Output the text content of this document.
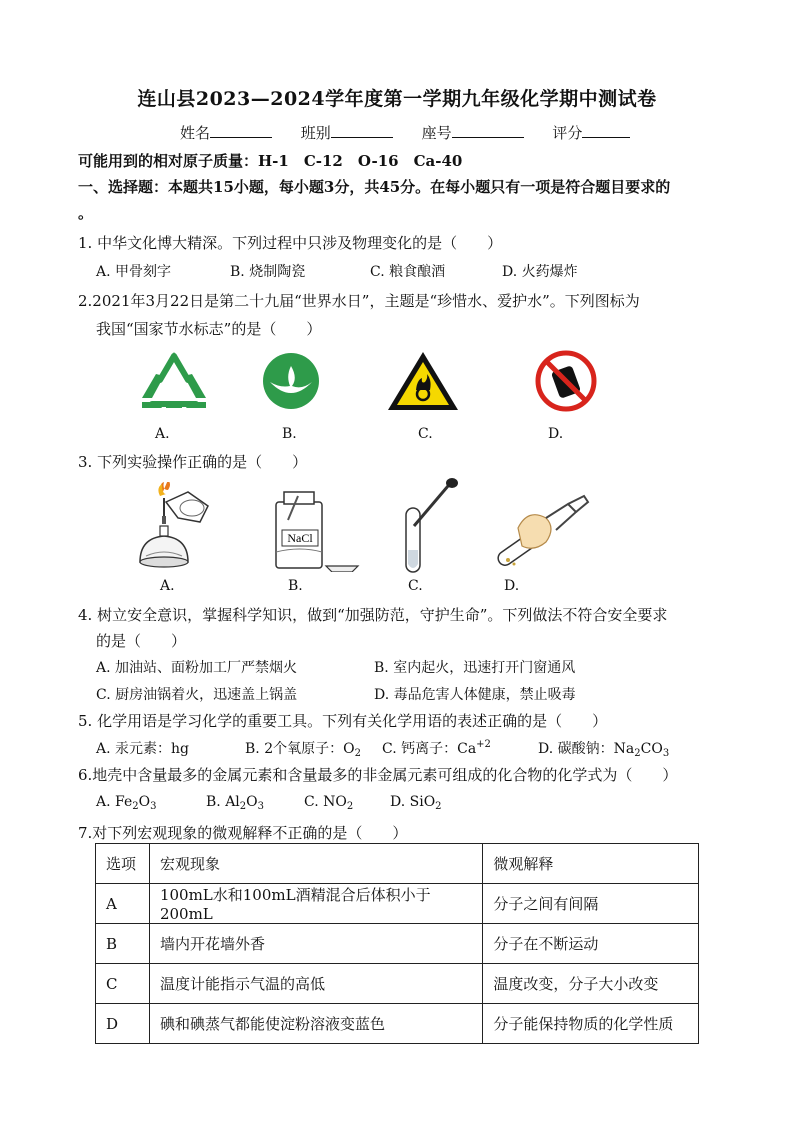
连山县2023—2024学年度第一学期九年级化学期中测试卷
姓名	班别	座号	评分
可能用到的相对原子质量：H-1　C-12　O-16　Ca-40
一、选择题：本题共15小题，每小题3分，共45分。在每小题只有一项是符合题目要求的
。
1. 中华文化博大精深。下列过程中只涉及物理变化的是（　　）
A. 甲骨刻字	B. 烧制陶瓷	C. 粮食酿酒	D. 火药爆炸
2.2021年3月22日是第二十九届“世界水日”，主题是“珍惜水、爱护水”。下列图标为
我国“国家节水标志”的是（　　）
A.	B.	C.	D.
3. 下列实验操作正确的是（　　）
NaCl
A.	B.	C.	D.
4. 树立安全意识，掌握科学知识，做到“加强防范，守护生命”。下列做法不符合安全要求
的是（　　）
A. 加油站、面粉加工厂严禁烟火	B. 室内起火，迅速打开门窗通风
C. 厨房油锅着火，迅速盖上锅盖	D. 毒品危害人体健康，禁止吸毒
5. 化学用语是学习化学的重要工具。下列有关化学用语的表述正确的是（　　）
A. 汞元素：hg	B. 2个氧原子：$O_2$ C. 钙离子：$Ca^{+2}$	D. 碳酸钠：$Na_2CO_3$
6.地壳中含量最多的金属元素和含量最多的非金属元素可组成的化合物的化学式为（　　）
A. $Fe_2O_3$	B. $Al_2O_3$	C. $NO_2$	D. SiO$_2$
7.对下列宏观现象的微观解释不正确的是（　　）
选项	宏观现象	微观解释
A	100mL水和100mL酒精混合后体积小于200mL	分子之间有间隔
B	墙内开花墙外香	分子在不断运动
C	温度计能指示气温的高低	温度改变，分子大小改变
D	碘和碘蒸气都能使淀粉溶液变蓝色	分子能保持物质的化学性质
